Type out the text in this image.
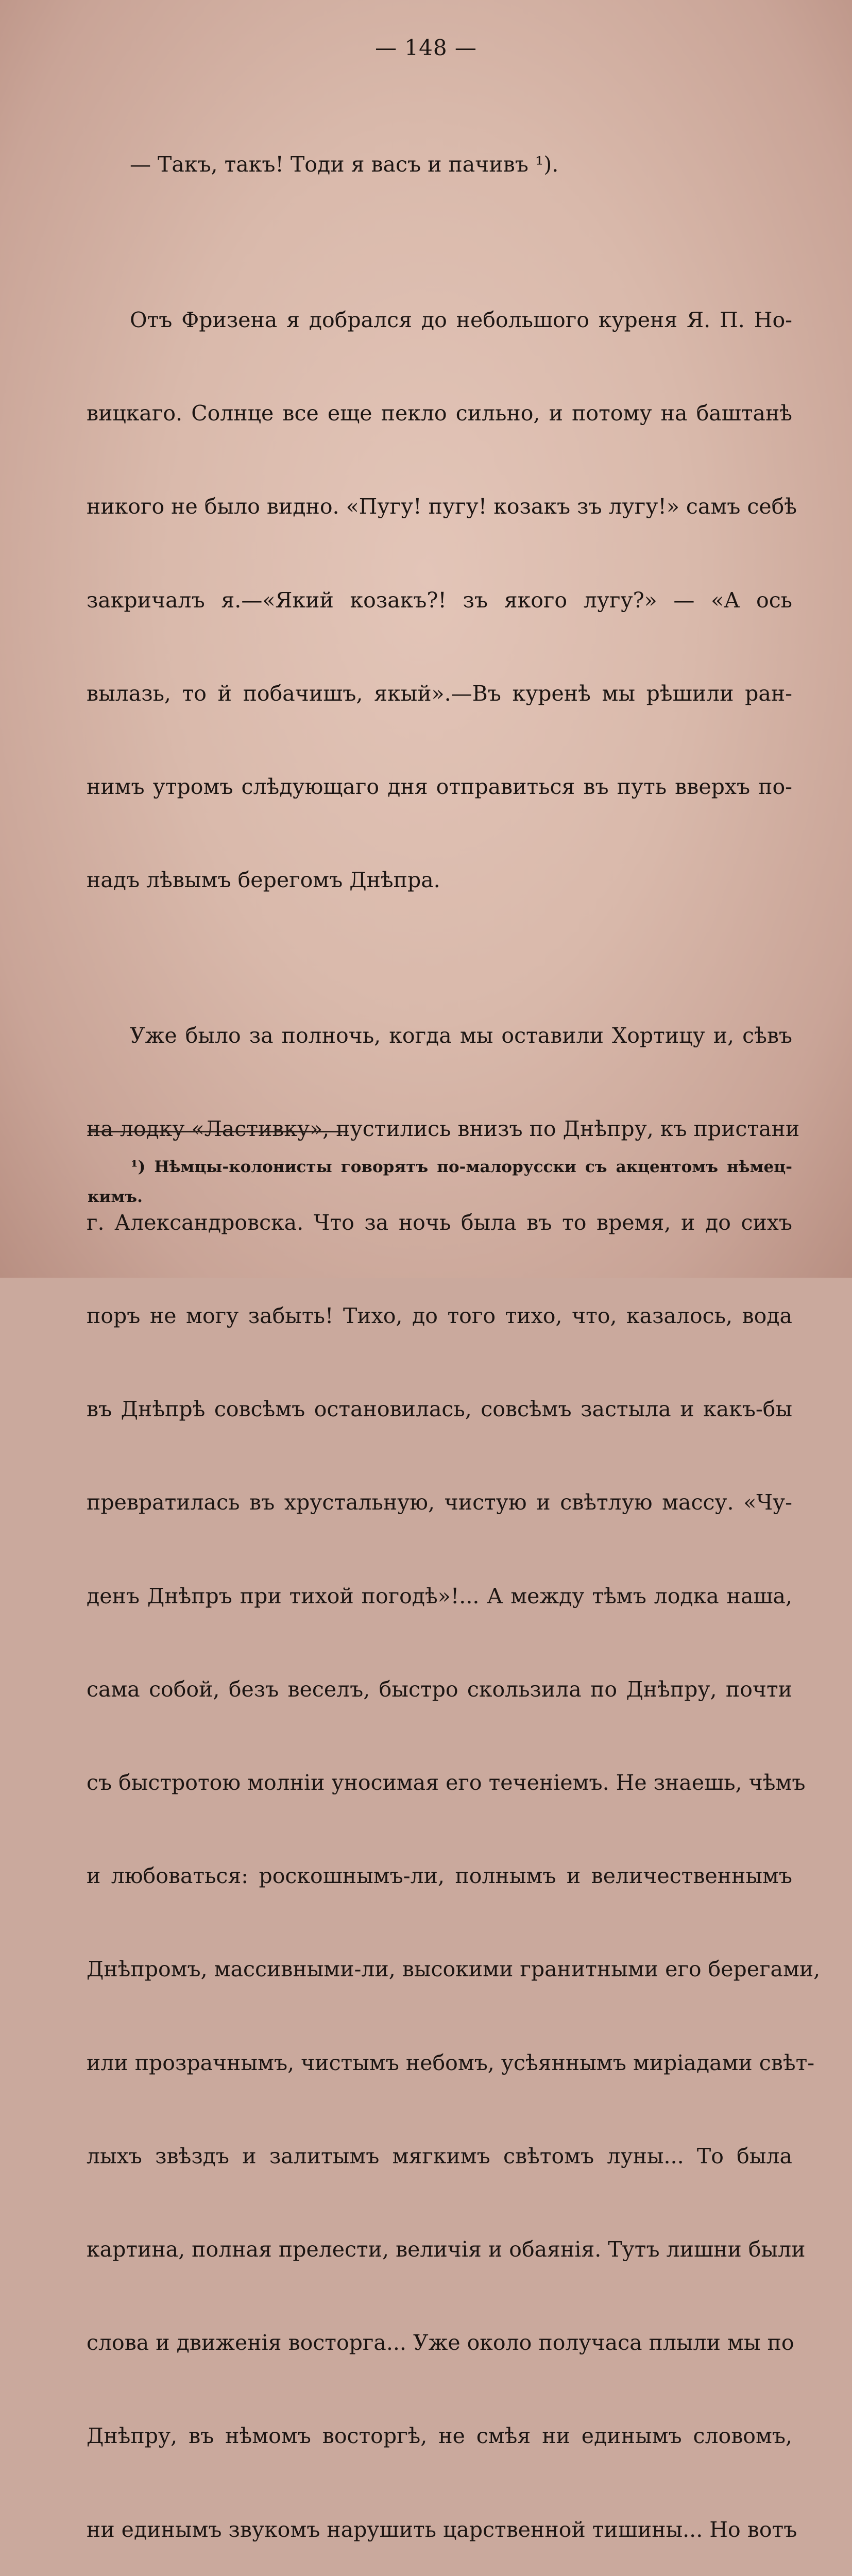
— 148 —

— Такъ, такъ! Тоди я васъ и пачивъ ¹).

Отъ Фризена я добрался до небольшого куреня Я. П. Но-

вицкаго. Солнце все еще пекло сильно, и потому на баштанѣ

никого не было видно. «Пугу! пугу! козакъ зъ лугу!» самъ себѣ

закричалъ я.—«Який козакъ?! зъ якого лугу?» — «А ось

вылазь, то й побачишъ, якый».—Въ куренѣ мы рѣшили ран-

нимъ утромъ слѣдующаго дня отправиться въ путь вверхъ по-

надъ лѣвымъ берегомъ Днѣпра.

Уже было за полночь, когда мы оставили Хортицу и, сѣвъ

на лодку «Ластивку», пустились внизъ по Днѣпру, къ пристани

г. Александровска. Что за ночь была въ то время, и до сихъ

поръ не могу забыть! Тихо, до того тихо, что, казалось, вода

въ Днѣпрѣ совсѣмъ остановилась, совсѣмъ застыла и какъ-бы

превратилась въ хрустальную, чистую и свѣтлую массу. «Чу-

денъ Днѣпръ при тихой погодѣ»!... А между тѣмъ лодка наша,

сама собой, безъ веселъ, быстро скользила по Днѣпру, почти

съ быстротою молніи уносимая его теченіемъ. Не знаешь, чѣмъ

и любоваться: роскошнымъ-ли, полнымъ и величественнымъ

Днѣпромъ, массивными-ли, высокими гранитными его берегами,

или прозрачнымъ, чистымъ небомъ, усѣяннымъ миріадами свѣт-

лыхъ звѣздъ и залитымъ мягкимъ свѣтомъ луны... То была

картина, полная прелести, величія и обаянія. Тутъ лишни были

слова и движенія восторга... Уже около получаса плыли мы по

Днѣпру, въ нѣмомъ восторгѣ, не смѣя ни единымъ словомъ,

ни единымъ звукомъ нарушить царственной тишины... Но вотъ

¹) Нѣмцы-колонисты говорятъ по-малорусски съ акцентомъ нѣмец-
кимъ.
